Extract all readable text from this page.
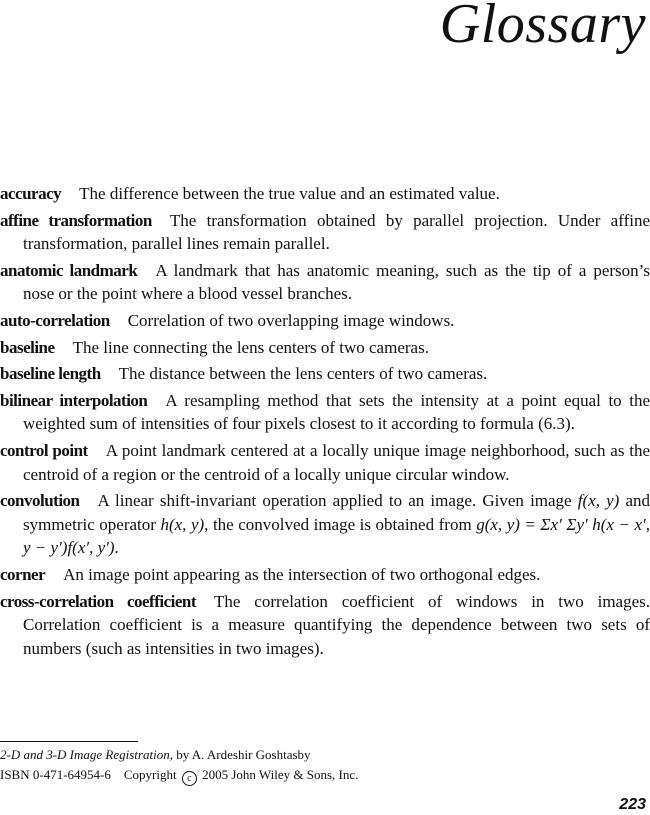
Glossary
accuracy The difference between the true value and an estimated value.
affine transformation The transformation obtained by parallel projection. Under affine transformation, parallel lines remain parallel.
anatomic landmark A landmark that has anatomic meaning, such as the tip of a person’s nose or the point where a blood vessel branches.
auto-correlation Correlation of two overlapping image windows.
baseline The line connecting the lens centers of two cameras.
baseline length The distance between the lens centers of two cameras.
bilinear interpolation A resampling method that sets the intensity at a point equal to the weighted sum of intensities of four pixels closest to it according to formula (6.3).
control point A point landmark centered at a locally unique image neighborhood, such as the centroid of a region or the centroid of a locally unique circular window.
convolution A linear shift-invariant operation applied to an image. Given image f(x, y) and symmetric operator h(x, y), the convolved image is obtained from g(x, y) = Σx′ Σy′ h(x − x′, y − y′)f(x′, y′).
corner An image point appearing as the intersection of two orthogonal edges.
cross-correlation coefficient The correlation coefficient of windows in two images. Correlation coefficient is a measure quantifying the dependence between two sets of numbers (such as intensities in two images).
2-D and 3-D Image Registration, by A. Ardeshir Goshtasby
ISBN 0-471-64954-6 Copyright c 2005 John Wiley & Sons, Inc.
223
